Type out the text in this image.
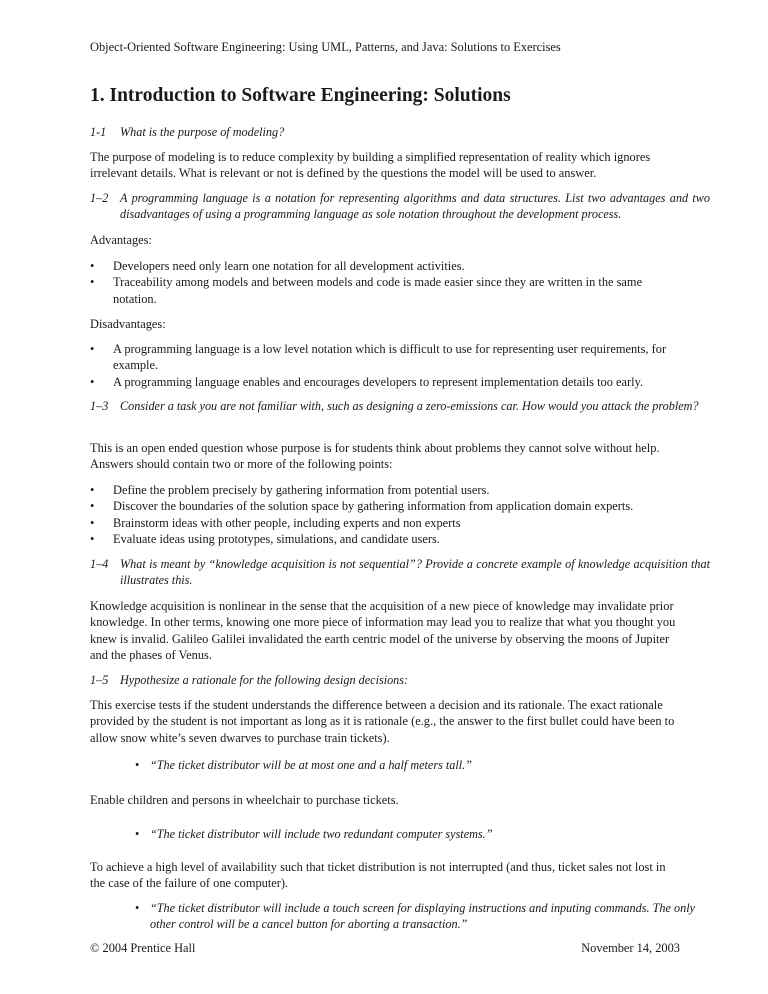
Object-Oriented Software Engineering: Using UML, Patterns, and Java: Solutions to Exercises
1. Introduction to Software Engineering: Solutions
1-1 What is the purpose of modeling?
The purpose of modeling is to reduce complexity by building a simplified representation of reality which ignores irrelevant details. What is relevant or not is defined by the questions the model will be used to answer.
1–2 A programming language is a notation for representing algorithms and data structures. List two advantages and two disadvantages of using a programming language as sole notation throughout the development process.
Advantages:
• Developers need only learn one notation for all development activities.
• Traceability among models and between models and code is made easier since they are written in the same notation.
Disadvantages:
• A programming language is a low level notation which is difficult to use for representing user requirements, for example.
• A programming language enables and encourages developers to represent implementation details too early.
1–3 Consider a task you are not familiar with, such as designing a zero-emissions car. How would you attack the problem?
This is an open ended question whose purpose is for students think about problems they cannot solve without help. Answers should contain two or more of the following points:
• Define the problem precisely by gathering information from potential users.
• Discover the boundaries of the solution space by gathering information from application domain experts.
• Brainstorm ideas with other people, including experts and non experts
• Evaluate ideas using prototypes, simulations, and candidate users.
1–4 What is meant by “knowledge acquisition is not sequential”? Provide a concrete example of knowledge acquisition that illustrates this.
Knowledge acquisition is nonlinear in the sense that the acquisition of a new piece of knowledge may invalidate prior knowledge. In other terms, knowing one more piece of information may lead you to realize that what you thought you knew is invalid. Galileo Galilei invalidated the earth centric model of the universe by observing the moons of Jupiter and the phases of Venus.
1–5 Hypothesize a rationale for the following design decisions:
This exercise tests if the student understands the difference between a decision and its rationale. The exact rationale provided by the student is not important as long as it is rationale (e.g., the answer to the first bullet could have been to allow snow white’s seven dwarves to purchase train tickets).
• “The ticket distributor will be at most one and a half meters tall.”
Enable children and persons in wheelchair to purchase tickets.
• “The ticket distributor will include two redundant computer systems.”
To achieve a high level of availability such that ticket distribution is not interrupted (and thus, ticket sales not lost in the case of the failure of one computer).
• “The ticket distributor will include a touch screen for displaying instructions and inputing commands. The only other control will be a cancel button for aborting a transaction.”
© 2004 Prentice Hall	November 14, 2003
